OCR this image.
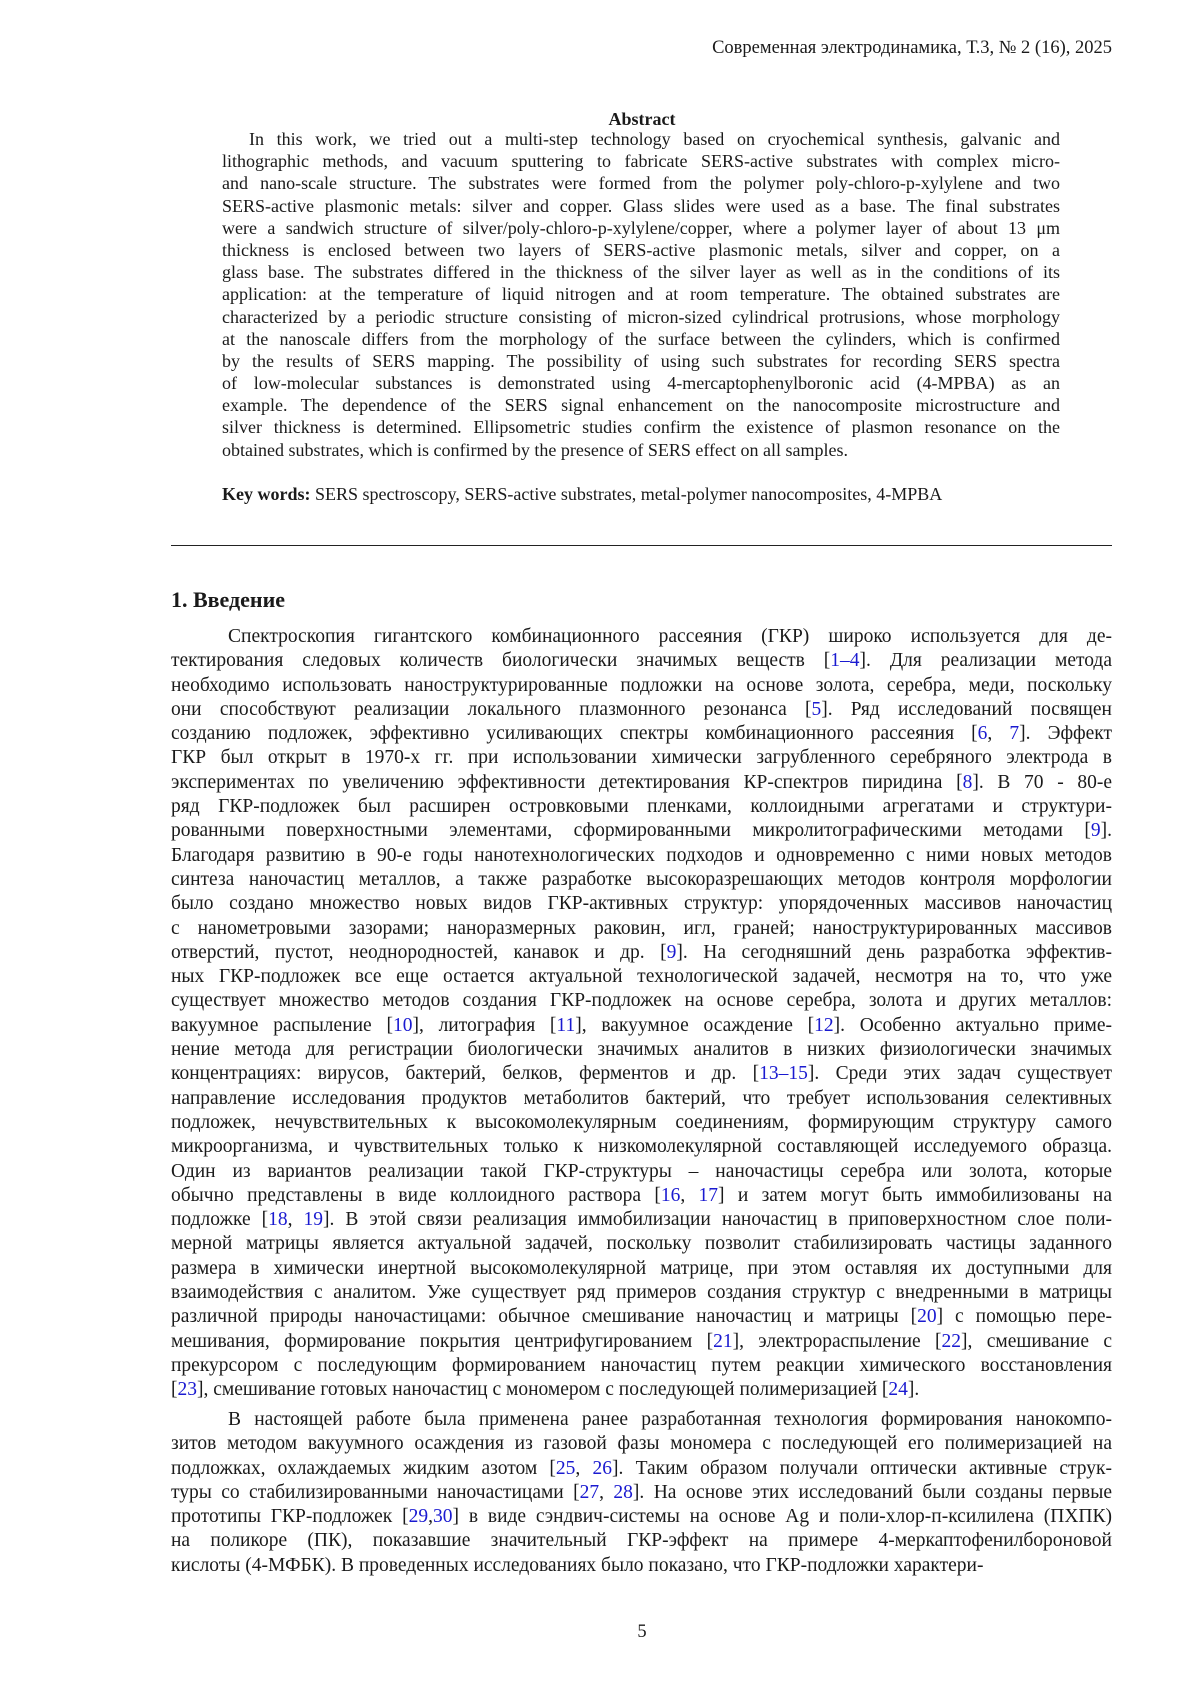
Современная электродинамика, Т.3, № 2 (16), 2025
Abstract
In this work, we tried out a multi-step technology based on cryochemical synthesis, galvanic and
lithographic methods, and vacuum sputtering to fabricate SERS-active substrates with complex micro-
and nano-scale structure. The substrates were formed from the polymer poly-chloro-p-xylylene and two
SERS-active plasmonic metals: silver and copper. Glass slides were used as a base. The final substrates
were a sandwich structure of silver/poly-chloro-p-xylylene/copper, where a polymer layer of about 13 μm
thickness is enclosed between two layers of SERS-active plasmonic metals, silver and copper, on a
glass base. The substrates differed in the thickness of the silver layer as well as in the conditions of its
application: at the temperature of liquid nitrogen and at room temperature. The obtained substrates are
characterized by a periodic structure consisting of micron-sized cylindrical protrusions, whose morphology
at the nanoscale differs from the morphology of the surface between the cylinders, which is confirmed
by the results of SERS mapping. The possibility of using such substrates for recording SERS spectra
of low-molecular substances is demonstrated using 4-mercaptophenylboronic acid (4-MPBA) as an
example. The dependence of the SERS signal enhancement on the nanocomposite microstructure and
silver thickness is determined. Ellipsometric studies confirm the existence of plasmon resonance on the
obtained substrates, which is confirmed by the presence of SERS effect on all samples.
Key words: SERS spectroscopy, SERS-active substrates, metal-polymer nanocomposites, 4-MPBA
1. Введение
Спектроскопия гигантского комбинационного рассеяния (ГКР) широко используется для де-
тектирования следовых количеств биологически значимых веществ [1–4]. Для реализации метода
необходимо использовать наноструктурированные подложки на основе золота, серебра, меди, поскольку
они способствуют реализации локального плазмонного резонанса [5]. Ряд исследований посвящен
созданию подложек, эффективно усиливающих спектры комбинационного рассеяния [6, 7]. Эффект
ГКР был открыт в 1970-х гг. при использовании химически загрубленного серебряного электрода в
экспериментах по увеличению эффективности детектирования КР-спектров пиридина [8]. В 70 - 80-е
ряд ГКР-подложек был расширен островковыми пленками, коллоидными агрегатами и структури-
рованными поверхностными элементами, сформированными микролитографическими методами [9].
Благодаря развитию в 90-е годы нанотехнологических подходов и одновременно с ними новых методов
синтеза наночастиц металлов, а также разработке высокоразрешающих методов контроля морфологии
было создано множество новых видов ГКР-активных структур: упорядоченных массивов наночастиц
с нанометровыми зазорами; наноразмерных раковин, игл, граней; наноструктурированных массивов
отверстий, пустот, неоднородностей, канавок и др. [9]. На сегодняшний день разработка эффектив-
ных ГКР-подложек все еще остается актуальной технологической задачей, несмотря на то, что уже
существует множество методов создания ГКР-подложек на основе серебра, золота и других металлов:
вакуумное распыление [10], литография [11], вакуумное осаждение [12]. Особенно актуально приме-
нение метода для регистрации биологически значимых аналитов в низких физиологически значимых
концентрациях: вирусов, бактерий, белков, ферментов и др. [13–15]. Среди этих задач существует
направление исследования продуктов метаболитов бактерий, что требует использования селективных
подложек, нечувствительных к высокомолекулярным соединениям, формирующим структуру самого
микроорганизма, и чувствительных только к низкомолекулярной составляющей исследуемого образца.
Один из вариантов реализации такой ГКР-структуры – наночастицы серебра или золота, которые
обычно представлены в виде коллоидного раствора [16, 17] и затем могут быть иммобилизованы на
подложке [18, 19]. В этой связи реализация иммобилизации наночастиц в приповерхностном слое поли-
мерной матрицы является актуальной задачей, поскольку позволит стабилизировать частицы заданного
размера в химически инертной высокомолекулярной матрице, при этом оставляя их доступными для
взаимодействия с аналитом. Уже существует ряд примеров создания структур с внедренными в матрицы
различной природы наночастицами: обычное смешивание наночастиц и матрицы [20] с помощью пере-
мешивания, формирование покрытия центрифугированием [21], электрораспыление [22], смешивание с
прекурсором с последующим формированием наночастиц путем реакции химического восстановления
[23], смешивание готовых наночастиц с мономером с последующей полимеризацией [24].
В настоящей работе была применена ранее разработанная технология формирования нанокомпо-
зитов методом вакуумного осаждения из газовой фазы мономера с последующей его полимеризацией на
подложках, охлаждаемых жидким азотом [25, 26]. Таким образом получали оптически активные струк-
туры со стабилизированными наночастицами [27, 28]. На основе этих исследований были созданы первые
прототипы ГКР-подложек [29,30] в виде сэндвич-системы на основе Ag и поли-хлор-п-ксилилена (ПХПК)
на поликоре (ПК), показавшие значительный ГКР-эффект на примере 4-меркаптофенилбороновой
кислоты (4-МФБК). В проведенных исследованиях было показано, что ГКР-подложки характери-
5
